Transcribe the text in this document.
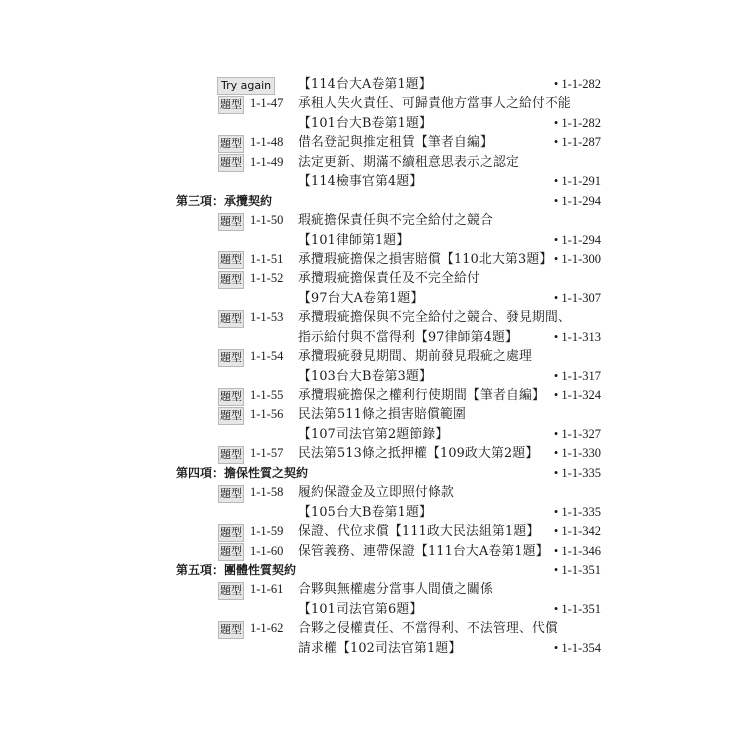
Try again	【114台大A卷第1題】	• 1-1-282
題型 1-1-47 承租人失火責任、可歸責他方當事人之給付不能
【101台大B卷第1題】	• 1-1-282
題型 1-1-48 借名登記與推定租賃【筆者自編】	• 1-1-287
題型 1-1-49 法定更新、期滿不續租意思表示之認定
【114檢事官第4題】	• 1-1-291
第三項：承攬契約	• 1-1-294
題型 1-1-50 瑕疵擔保責任與不完全給付之競合
【101律師第1題】	• 1-1-294
題型 1-1-51 承攬瑕疵擔保之損害賠償【110北大第3題】 • 1-1-300
題型 1-1-52 承攬瑕疵擔保責任及不完全給付
【97台大A卷第1題】	• 1-1-307
題型 1-1-53 承攬瑕疵擔保與不完全給付之競合、發見期間、
指示給付與不當得利【97律師第4題】	• 1-1-313
題型 1-1-54 承攬瑕疵發見期間、期前發見瑕疵之處理
【103台大B卷第3題】	• 1-1-317
題型 1-1-55 承攬瑕疵擔保之權利行使期間【筆者自編】 • 1-1-324
題型 1-1-56 民法第511條之損害賠償範圍
【107司法官第2題節錄】	• 1-1-327
題型 1-1-57 民法第513條之抵押權【109政大第2題】 • 1-1-330
第四項：擔保性質之契約	• 1-1-335
題型 1-1-58 履約保證金及立即照付條款
【105台大B卷第1題】	• 1-1-335
題型 1-1-59 保證、代位求償【111政大民法組第1題】 • 1-1-342
題型 1-1-60 保管義務、連帶保證【111台大A卷第1題】 • 1-1-346
第五項：團體性質契約	• 1-1-351
題型 1-1-61 合夥與無權處分當事人間債之關係
【101司法官第6題】	• 1-1-351
題型 1-1-62 合夥之侵權責任、不當得利、不法管理、代償
請求權【102司法官第1題】	• 1-1-354
